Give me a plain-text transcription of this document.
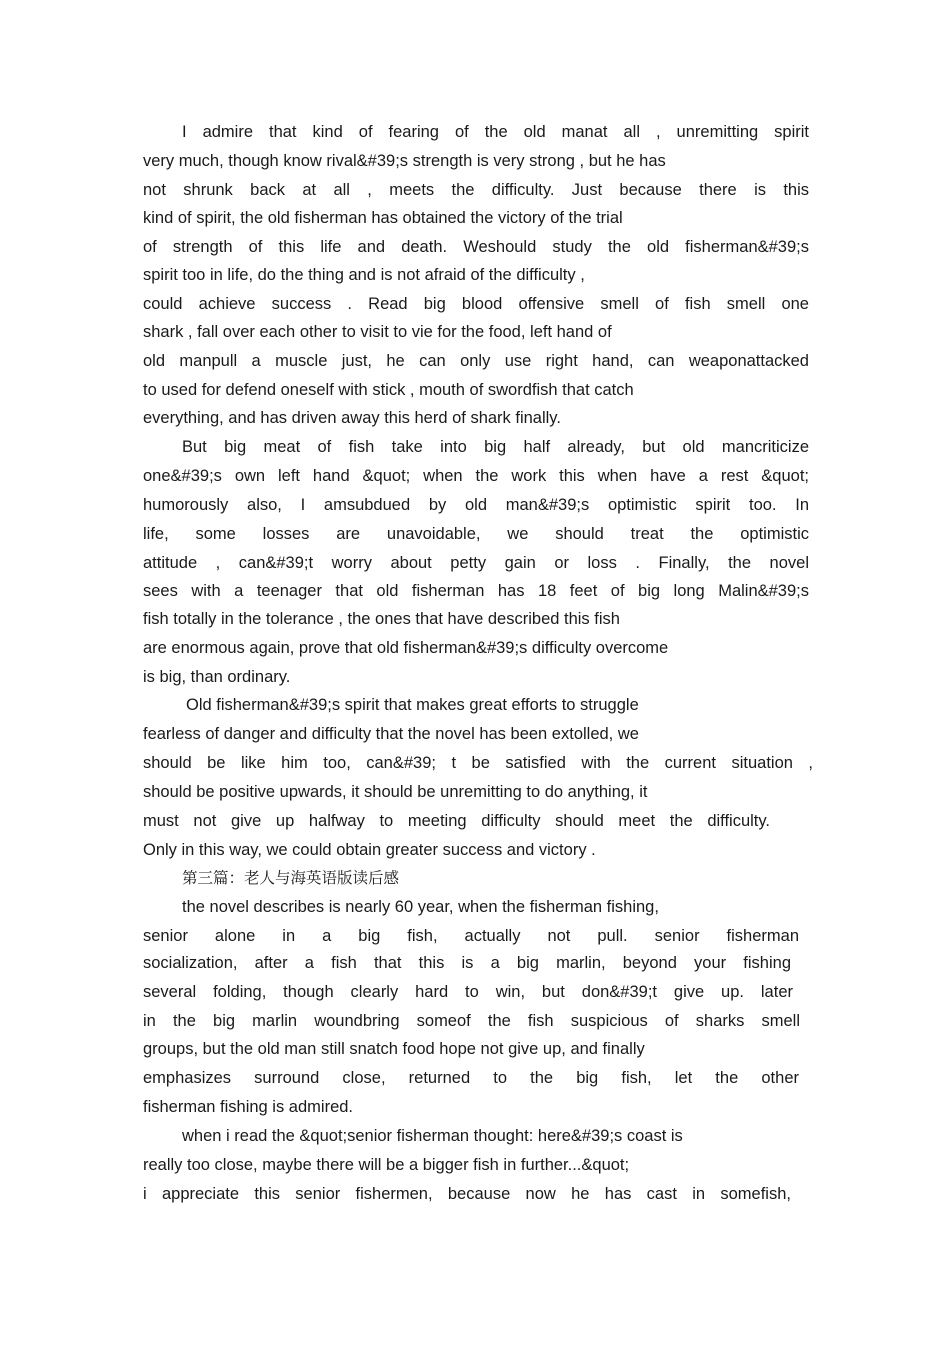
I admire that kind of fearing of the old manat all , unremitting spirit

very much, though know rival&#39;s strength is very strong , but he has

not shrunk back at all , meets the difficulty. Just because there is this

kind of spirit, the old fisherman has obtained the victory of the trial

of strength of this life and death. Weshould study the old fisherman&#39;s

spirit too in life, do the thing and is not afraid of the difficulty ,

could achieve success . Read big blood offensive smell of fish smell one

shark , fall over each other to visit to vie for the food, left hand of

old manpull a muscle just, he can only use right hand, can weaponattacked

to used for defend oneself with stick , mouth of swordfish that catch

everything, and has driven away this herd of shark finally.

But big meat of fish take into big half already, but old mancriticize

one&#39;s own left hand &quot; when the work this when have a rest &quot;

humorously also, I amsubdued by old man&#39;s optimistic spirit too. In

life, some losses are unavoidable, we should treat the optimistic

attitude , can&#39;t worry about petty gain or loss . Finally, the novel

sees with a teenager that old fisherman has 18 feet of big long Malin&#39;s

fish totally in the tolerance , the ones that have described this fish

are enormous again, prove that old fisherman&#39;s difficulty overcome

is big, than ordinary.

Old fisherman&#39;s spirit that makes great efforts to struggle

fearless of danger and difficulty that the novel has been extolled, we

should be like him too, can&#39; t be satisfied with the current situation ,

should be positive upwards, it should be unremitting to do anything, it

must not give up halfway to meeting difficulty should meet the difficulty.

Only in this way, we could obtain greater success and victory .

第三篇：老人与海英语版读后感

the novel describes is nearly 60 year, when the fisherman fishing,

senior alone in a big fish, actually not pull. senior fisherman

socialization, after a fish that this is a big marlin, beyond your fishing

several folding, though clearly hard to win, but don&#39;t give up. later

in the big marlin woundbring someof the fish suspicious of sharks smell

groups, but the old man still snatch food hope not give up, and finally

emphasizes surround close, returned to the big fish, let the other

fisherman fishing is admired.

when i read the &quot;senior fisherman thought: here&#39;s coast is

really too close, maybe there will be a bigger fish in further...&quot;

i appreciate this senior fishermen, because now he has cast in somefish,
